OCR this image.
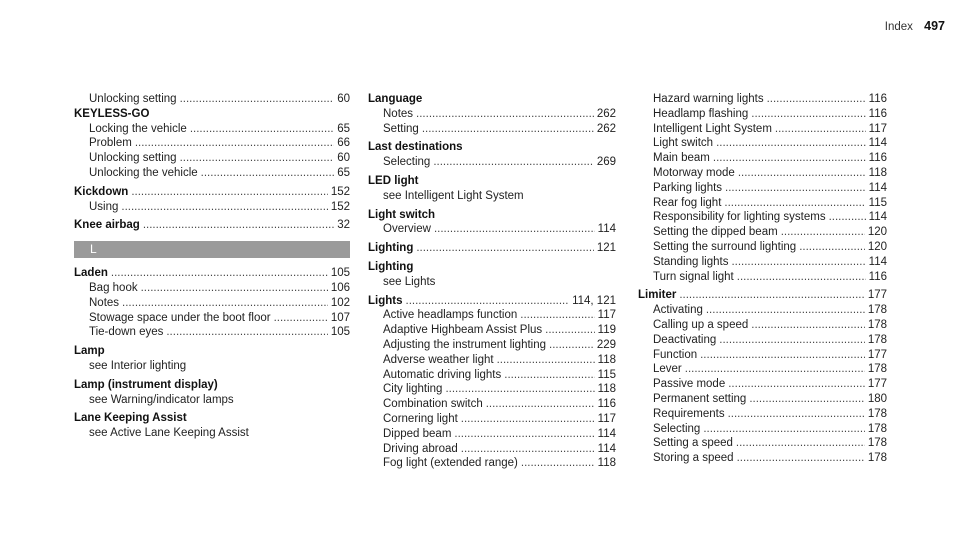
Index 497
Unlocking setting .....	60
KEYLESS-GO
Locking the vehicle .....	65
Problem .....	66
Unlocking setting .....	60
Unlocking the vehicle .....	65
Kickdown .....	152
Using .....	152
Knee airbag .....	32
L
Laden .....	105
Bag hook .....	106
Notes .....	102
Stowage space under the boot floor .....	107
Tie-down eyes .....	105
Lamp
see Interior lighting
Lamp (instrument display)
see Warning/indicator lamps
Lane Keeping Assist
see Active Lane Keeping Assist
Language
Notes .....	262
Setting .....	262
Last destinations
Selecting .....	269
LED light
see Intelligent Light System
Light switch
Overview .....	114
Lighting .....	121
Lighting
see Lights
Lights .....	114, 121
Active headlamps function .....	117
Adaptive Highbeam Assist Plus .....	119
Adjusting the instrument lighting .....	229
Adverse weather light .....	118
Automatic driving lights .....	115
City lighting .....	118
Combination switch .....	116
Cornering light .....	117
Dipped beam .....	114
Driving abroad .....	114
Fog light (extended range) .....	118
Hazard warning lights .....	116
Headlamp flashing .....	116
Intelligent Light System .....	117
Light switch .....	114
Main beam .....	116
Motorway mode .....	118
Parking lights .....	114
Rear fog light .....	115
Responsibility for lighting systems .....	114
Setting the dipped beam .....	120
Setting the surround lighting .....	120
Standing lights .....	114
Turn signal light .....	116
Limiter .....	177
Activating .....	178
Calling up a speed .....	178
Deactivating .....	178
Function .....	177
Lever .....	178
Passive mode .....	177
Permanent setting .....	180
Requirements .....	178
Selecting .....	178
Setting a speed .....	178
Storing a speed .....	178
